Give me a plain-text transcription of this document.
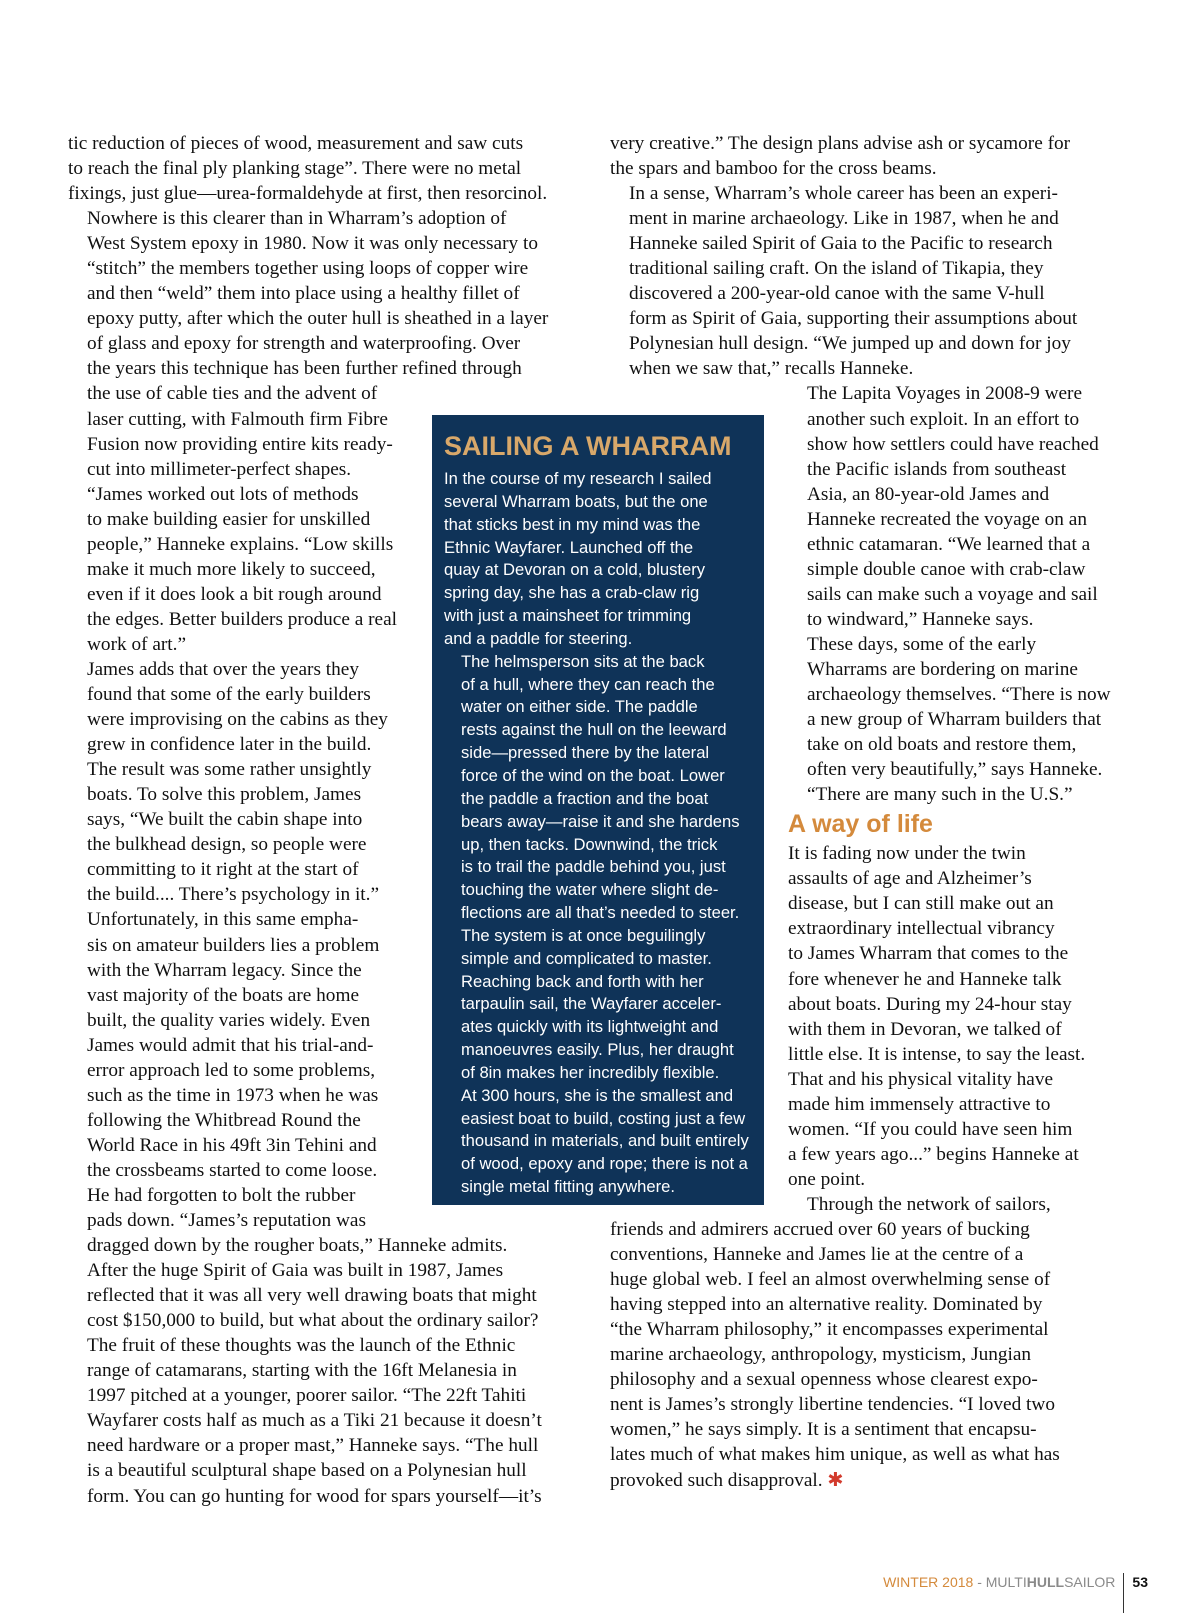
tic reduction of pieces of wood, measurement and saw cuts
to reach the final ply planking stage”. There were no metal
fixings, just glue—urea-formaldehyde at first, then resorcinol.

Nowhere is this clearer than in Wharram’s adoption of
West System epoxy in 1980. Now it was only necessary to
“stitch” the members together using loops of copper wire
and then “weld” them into place using a healthy fillet of
epoxy putty, after which the outer hull is sheathed in a layer
of glass and epoxy for strength and waterproofing. Over
the years this technique has been further refined through
the use of cable ties and the advent of
laser cutting, with Falmouth firm Fibre
Fusion now providing entire kits ready-
cut into millimeter-perfect shapes.

“James worked out lots of methods
to make building easier for unskilled
people,” Hanneke explains. “Low skills
make it much more likely to succeed,
even if it does look a bit rough around
the edges. Better builders produce a real
work of art.”

James adds that over the years they
found that some of the early builders
were improvising on the cabins as they
grew in confidence later in the build.
The result was some rather unsightly
boats. To solve this problem, James
says, “We built the cabin shape into
the bulkhead design, so people were
committing to it right at the start of
the build.... There’s psychology in it.”

Unfortunately, in this same empha-
sis on amateur builders lies a problem
with the Wharram legacy. Since the
vast majority of the boats are home
built, the quality varies widely. Even
James would admit that his trial-and-
error approach led to some problems,
such as the time in 1973 when he was
following the Whitbread Round the
World Race in his 49ft 3in Tehini and
the crossbeams started to come loose.
He had forgotten to bolt the rubber
pads down. “James’s reputation was
dragged down by the rougher boats,” Hanneke admits.

After the huge Spirit of Gaia was built in 1987, James
reflected that it was all very well drawing boats that might
cost $150,000 to build, but what about the ordinary sailor?
The fruit of these thoughts was the launch of the Ethnic
range of catamarans, starting with the 16ft Melanesia in
1997 pitched at a younger, poorer sailor. “The 22ft Tahiti
Wayfarer costs half as much as a Tiki 21 because it doesn’t
need hardware or a proper mast,” Hanneke says. “The hull
is a beautiful sculptural shape based on a Polynesian hull
form. You can go hunting for wood for spars yourself—it’s

very creative.” The design plans advise ash or sycamore for
the spars and bamboo for the cross beams.

In a sense, Wharram’s whole career has been an experi-
ment in marine archaeology. Like in 1987, when he and
Hanneke sailed Spirit of Gaia to the Pacific to research
traditional sailing craft. On the island of Tikapia, they
discovered a 200-year-old canoe with the same V-hull
form as Spirit of Gaia, supporting their assumptions about
Polynesian hull design. “We jumped up and down for joy
when we saw that,” recalls Hanneke.

The Lapita Voyages in 2008-9 were
another such exploit. In an effort to
show how settlers could have reached
the Pacific islands from southeast
Asia, an 80-year-old James and
Hanneke recreated the voyage on an
ethnic catamaran. “We learned that a
simple double canoe with crab-claw
sails can make such a voyage and sail
to windward,” Hanneke says.

These days, some of the early
Wharrams are bordering on marine
archaeology themselves. “There is now
a new group of Wharram builders that
take on old boats and restore them,
often very beautifully,” says Hanneke.
“There are many such in the U.S.”

A way of life

It is fading now under the twin
assaults of age and Alzheimer’s
disease, but I can still make out an
extraordinary intellectual vibrancy
to James Wharram that comes to the
fore whenever he and Hanneke talk
about boats. During my 24-hour stay
with them in Devoran, we talked of
little else. It is intense, to say the least.
That and his physical vitality have
made him immensely attractive to
women. “If you could have seen him
a few years ago...” begins Hanneke at
one point.

Through the network of sailors,

friends and admirers accrued over 60 years of bucking
conventions, Hanneke and James lie at the centre of a
huge global web. I feel an almost overwhelming sense of
having stepped into an alternative reality. Dominated by
“the Wharram philosophy,” it encompasses experimental
marine archaeology, anthropology, mysticism, Jungian
philosophy and a sexual openness whose clearest expo-
nent is James’s strongly libertine tendencies. “I loved two
women,” he says simply. It is a sentiment that encapsu-
lates much of what makes him unique, as well as what has
provoked such disapproval. ✱

SAILING A WHARRAM

In the course of my research I sailed
several Wharram boats, but the one
that sticks best in my mind was the
Ethnic Wayfarer. Launched off the
quay at Devoran on a cold, blustery
spring day, she has a crab-claw rig
with just a mainsheet for trimming
and a paddle for steering.

The helmsperson sits at the back
of a hull, where they can reach the
water on either side. The paddle
rests against the hull on the leeward
side—pressed there by the lateral
force of the wind on the boat. Lower
the paddle a fraction and the boat
bears away—raise it and she hardens
up, then tacks. Downwind, the trick
is to trail the paddle behind you, just
touching the water where slight de-
flections are all that’s needed to steer.
The system is at once beguilingly
simple and complicated to master.

Reaching back and forth with her
tarpaulin sail, the Wayfarer acceler-
ates quickly with its lightweight and
manoeuvres easily. Plus, her draught
of 8in makes her incredibly flexible.
At 300 hours, she is the smallest and
easiest boat to build, costing just a few
thousand in materials, and built entirely
of wood, epoxy and rope; there is not a
single metal fitting anywhere.

WINTER 2018 - MULTIHULLSAILOR 53
